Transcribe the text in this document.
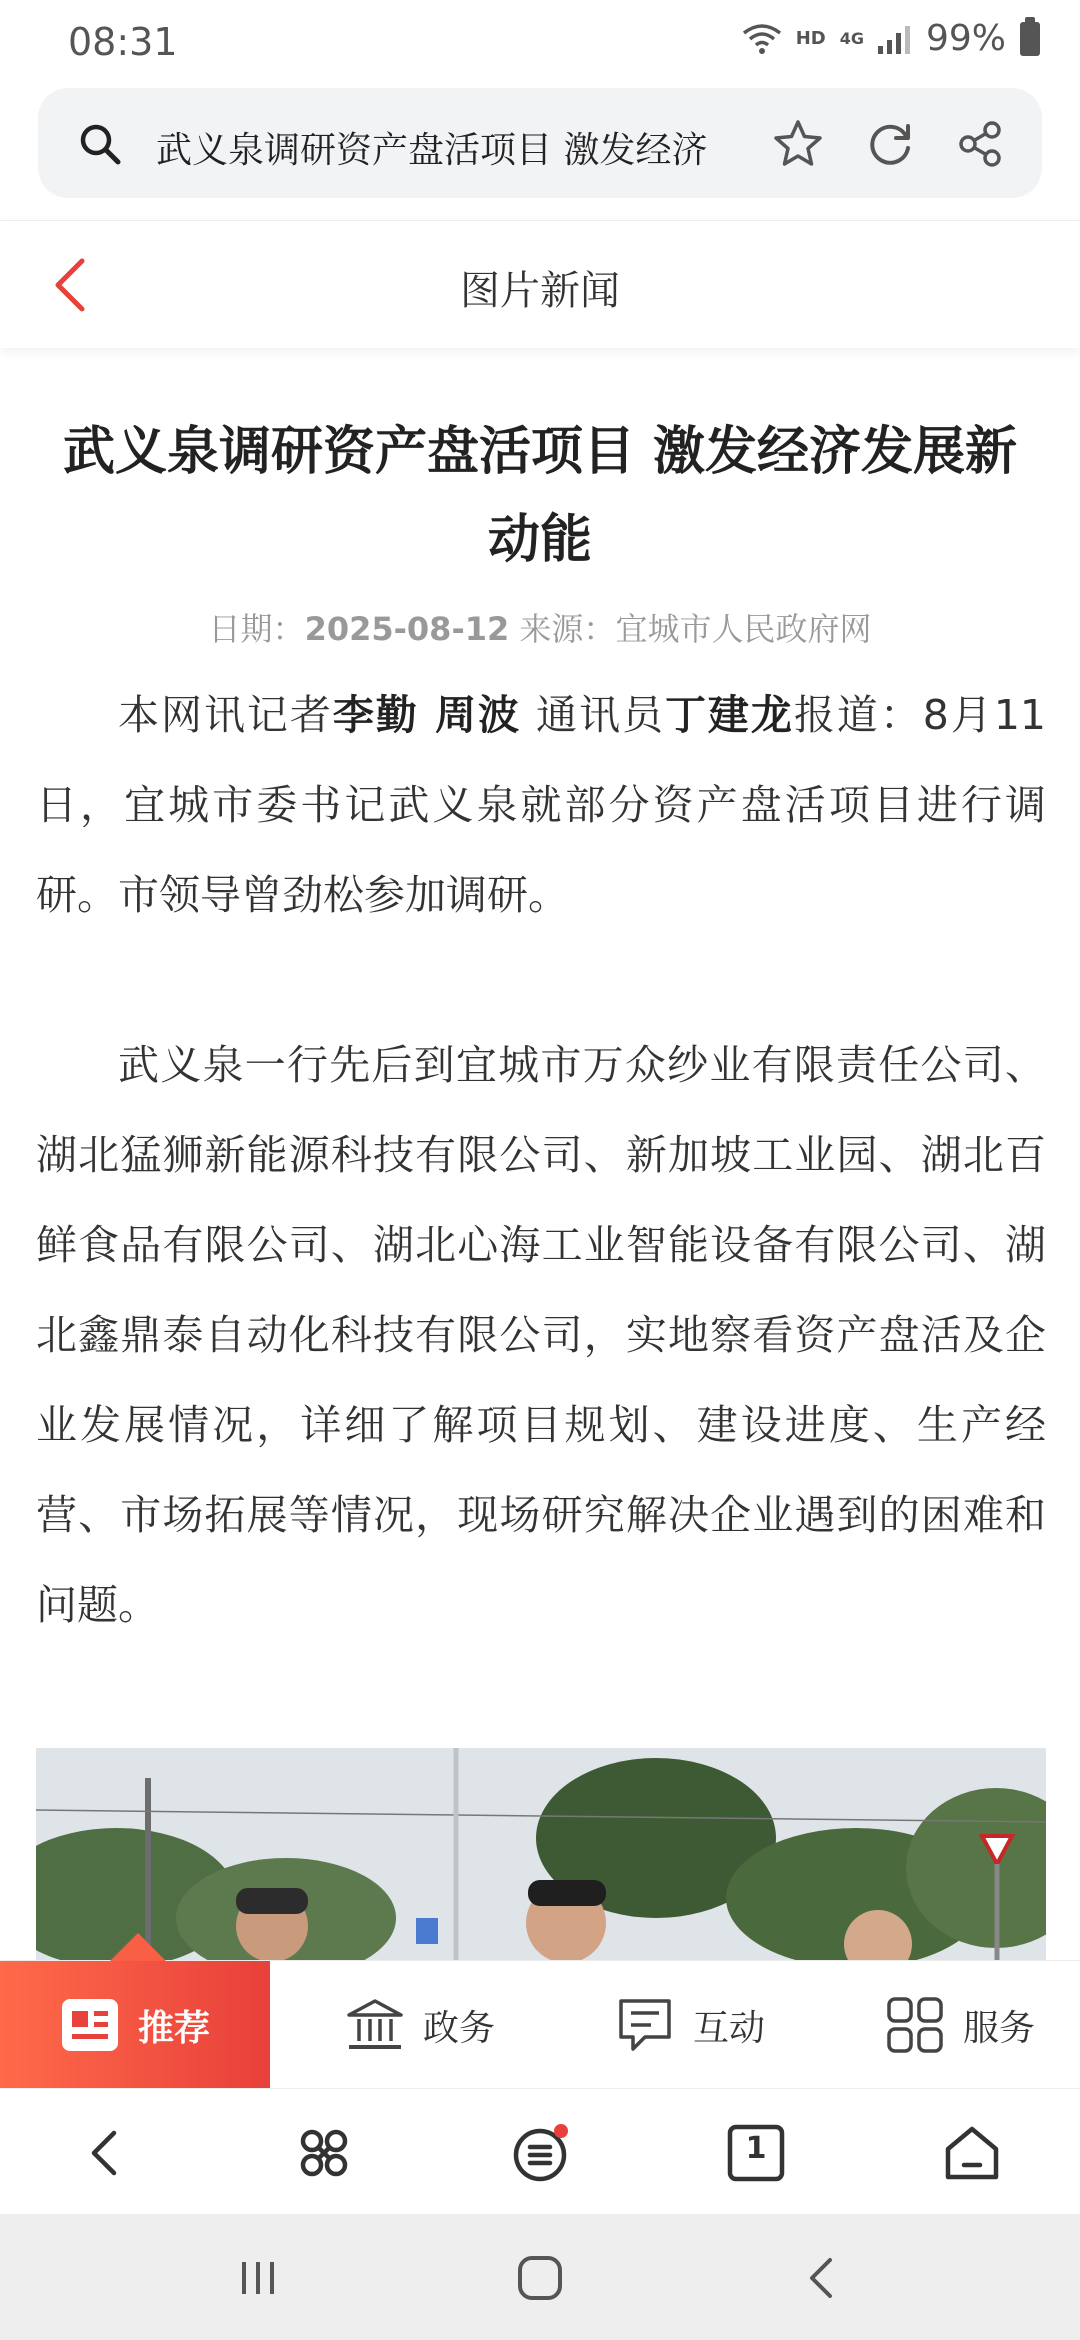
08:31	HD 4G 99%
武义泉调研资产盘活项目 激发经济
图片新闻
武义泉调研资产盘活项目 激发经济发展新动能
日期：2025-08-12 来源：宜城市人民政府网

本网讯记者李勤 周波 通讯员丁建龙报道：8月11日，宜城市委书记武义泉就部分资产盘活项目进行调研。市领导曾劲松参加调研。

武义泉一行先后到宜城市万众纱业有限责任公司、湖北猛狮新能源科技有限公司、新加坡工业园、湖北百鲜食品有限公司、湖北心海工业智能设备有限公司、湖北鑫鼎泰自动化科技有限公司，实地察看资产盘活及企业发展情况，详细了解项目规划、建设进度、生产经营、市场拓展等情况，现场研究解决企业遇到的困难和问题。

推荐	政务	互动	服务
1
